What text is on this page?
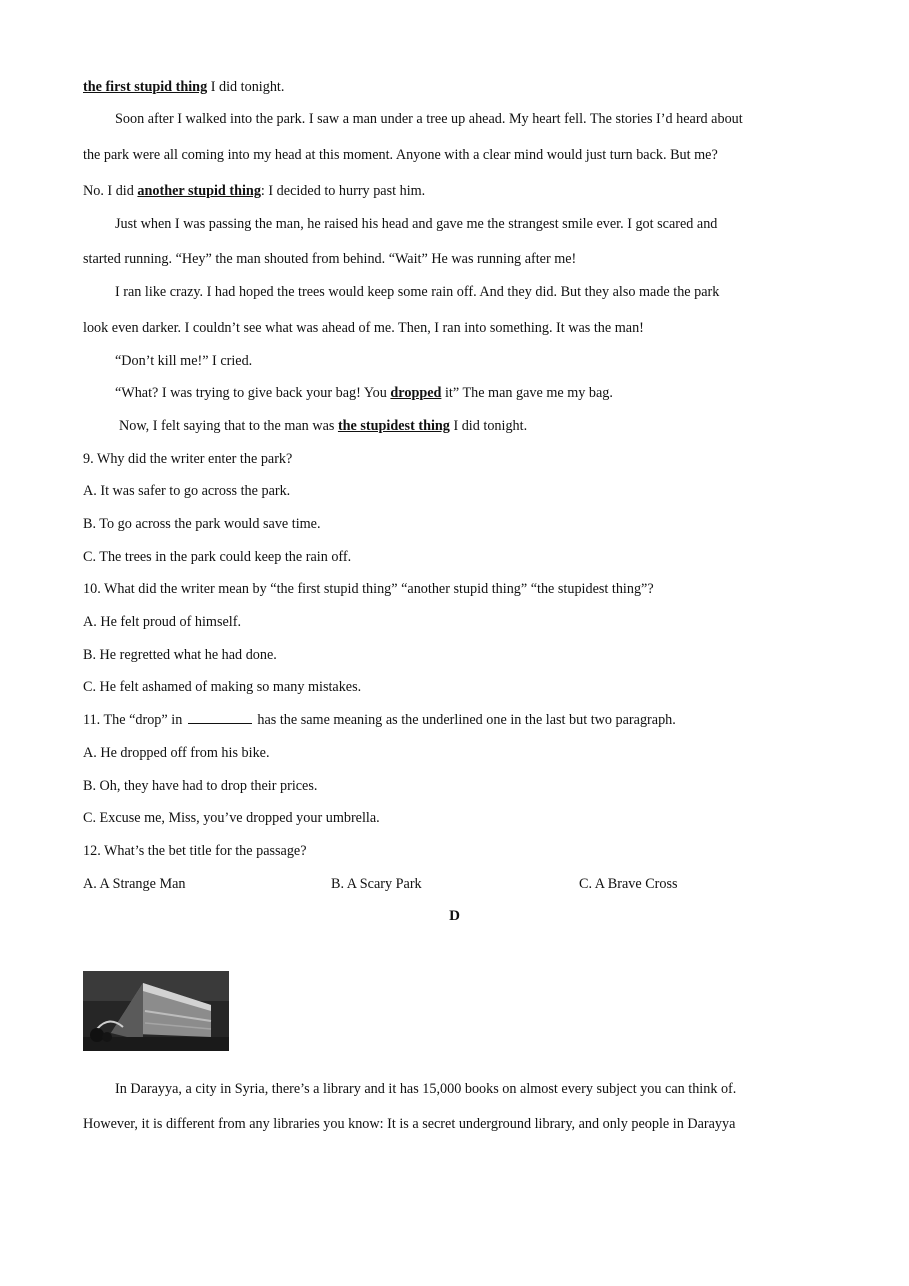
the first stupid thing I did tonight.
Soon after I walked into the park. I saw a man under a tree up ahead. My heart fell. The stories I’d heard about
the park were all coming into my head at this moment. Anyone with a clear mind would just turn back. But me?
No. I did another stupid thing: I decided to hurry past him.
Just when I was passing the man, he raised his head and gave me the strangest smile ever. I got scared and
started running. “Hey” the man shouted from behind. “Wait” He was running after me!
I ran like crazy. I had hoped the trees would keep some rain off. And they did. But they also made the park
look even darker. I couldn’t see what was ahead of me. Then, I ran into something. It was the man!
“Don’t kill me!” I cried.
“What? I was trying to give back your bag! You dropped it” The man gave me my bag.
Now, I felt saying that to the man was the stupidest thing I did tonight.
9. Why did the writer enter the park?
A. It was safer to go across the park.
B. To go across the park would save time.
C. The trees in the park could keep the rain off.
10. What did the writer mean by “the first stupid thing” “another stupid thing” “the stupidest thing”?
A. He felt proud of himself.
B. He regretted what he had done.
C. He felt ashamed of making so many mistakes.
11. The “drop” in	has the same meaning as the underlined one in the last but two paragraph.
A. He dropped off from his bike.
B. Oh, they have had to drop their prices.
C. Excuse me, Miss, you’ve dropped your umbrella.
12. What’s the bet title for the passage?
A. A Strange Man	B. A Scary Park	C. A Brave Cross
D
In Darayya, a city in Syria, there’s a library and it has 15,000 books on almost every subject you can think of.
However, it is different from any libraries you know: It is a secret underground library, and only people in Darayya
